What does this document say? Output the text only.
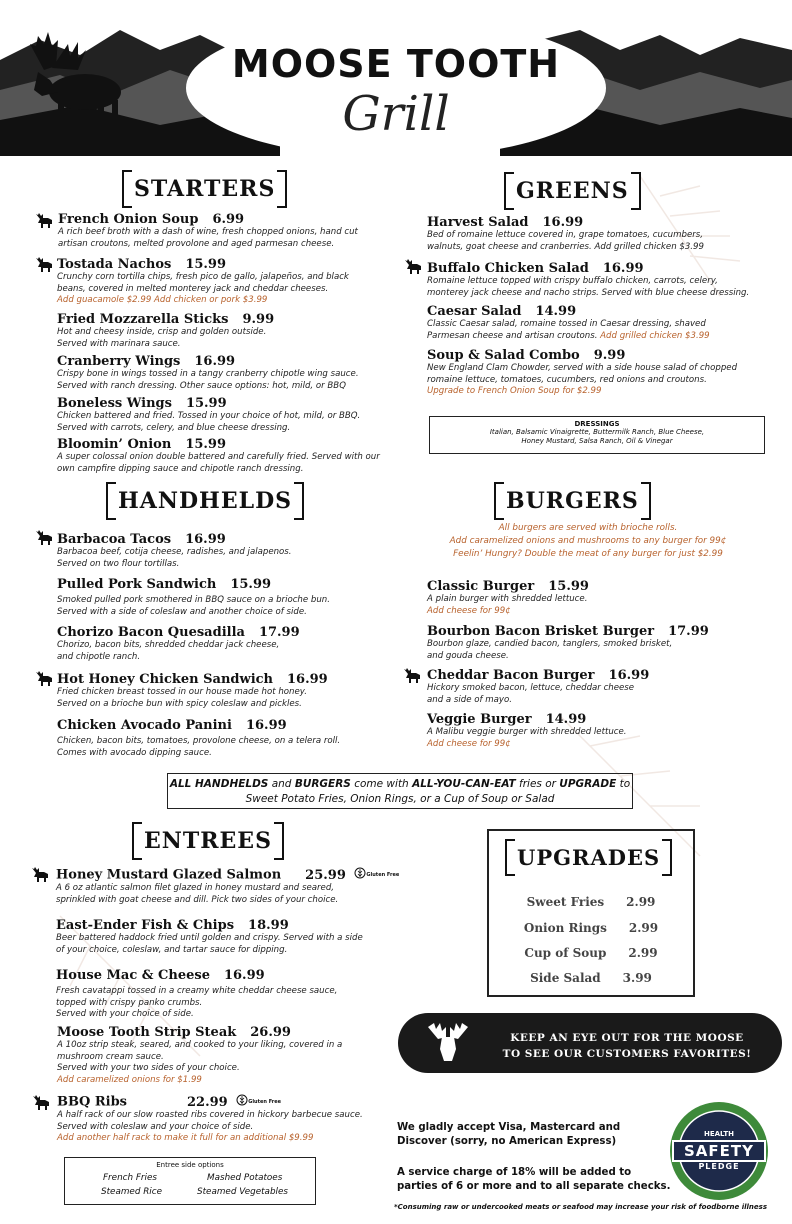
MOOSE TOOTH
Grill
STARTERS
French Onion Soup 6.99
A rich beef broth with a dash of wine, fresh chopped onions, hand cut
artisan croutons, melted provolone and aged parmesan cheese.
Tostada Nachos 15.99
Crunchy corn tortilla chips, fresh pico de gallo, jalapeños, and black
beans, covered in melted monterey jack and cheddar cheeses.
Add guacamole $2.99 Add chicken or pork $3.99
Fried Mozzarella Sticks 9.99
Hot and cheesy inside, crisp and golden outside.
Served with marinara sauce.
Cranberry Wings 16.99
Crispy bone in wings tossed in a tangy cranberry chipotle wing sauce.
Served with ranch dressing. Other sauce options: hot, mild, or BBQ
Boneless Wings 15.99
Chicken battered and fried. Tossed in your choice of hot, mild, or BBQ.
Served with carrots, celery, and blue cheese dressing.
Bloomin’ Onion 15.99
A super colossal onion double battered and carefully fried. Served with our
own campfire dipping sauce and chipotle ranch dressing.
GREENS
Harvest Salad 16.99
Bed of romaine lettuce covered in, grape tomatoes, cucumbers,
walnuts, goat cheese and cranberries. Add grilled chicken $3.99
Buffalo Chicken Salad 16.99
Romaine lettuce topped with crispy buffalo chicken, carrots, celery,
monterey jack cheese and nacho strips. Served with blue cheese dressing.
Caesar Salad 14.99
Classic Caesar salad, romaine tossed in Caesar dressing, shaved
Parmesan cheese and artisan croutons. Add grilled chicken $3.99
Soup & Salad Combo 9.99
New England Clam Chowder, served with a side house salad of chopped
romaine lettuce, tomatoes, cucumbers, red onions and croutons.
Upgrade to French Onion Soup for $2.99
DRESSINGS
Italian, Balsamic Vinaigrette, Buttermilk Ranch, Blue Cheese,
Honey Mustard, Salsa Ranch, Oil & Vinegar
HANDHELDS
Barbacoa Tacos 16.99
Barbacoa beef, cotija cheese, radishes, and jalapenos.
Served on two flour tortillas.
Pulled Pork Sandwich 15.99
Smoked pulled pork smothered in BBQ sauce on a brioche bun.
Served with a side of coleslaw and another choice of side.
Chorizo Bacon Quesadilla 17.99
Chorizo, bacon bits, shredded cheddar jack cheese,
and chipotle ranch.
Hot Honey Chicken Sandwich 16.99
Fried chicken breast tossed in our house made hot honey.
Served on a brioche bun with spicy coleslaw and pickles.
Chicken Avocado Panini 16.99
Chicken, bacon bits, tomatoes, provolone cheese, on a telera roll.
Comes with avocado dipping sauce.
BURGERS
All burgers are served with brioche rolls.
Add caramelized onions and mushrooms to any burger for 99¢
Feelin’ Hungry? Double the meat of any burger for just $2.99
Classic Burger 15.99
A plain burger with shredded lettuce.
Add cheese for 99¢
Bourbon Bacon Brisket Burger 17.99
Bourbon glaze, candied bacon, tanglers, smoked brisket,
and gouda cheese.
Cheddar Bacon Burger 16.99
Hickory smoked bacon, lettuce, cheddar cheese
and a side of mayo.
Veggie Burger 14.99
A Malibu veggie burger with shredded lettuce.
Add cheese for 99¢
ALL HANDHELDS and BURGERS come with ALL-YOU-CAN-EAT fries or UPGRADE to
Sweet Potato Fries, Onion Rings, or a Cup of Soup or Salad
ENTREES
Honey Mustard Glazed Salmon 25.99	Gluten Free
A 6 oz atlantic salmon filet glazed in honey mustard and seared,
sprinkled with goat cheese and dill. Pick two sides of your choice.
East-Ender Fish & Chips 18.99
Beer battered haddock fried until golden and crispy. Served with a side
of your choice, coleslaw, and tartar sauce for dipping.
House Mac & Cheese 16.99
Fresh cavatappi tossed in a creamy white cheddar cheese sauce,
topped with crispy panko crumbs.
Served with your choice of side.
Moose Tooth Strip Steak 26.99
A 10oz strip steak, seared, and cooked to your liking, covered in a
mushroom cream sauce.
Served with your two sides of your choice.
Add caramelized onions for $1.99
BBQ Ribs	22.99	Gluten Free
A half rack of our slow roasted ribs covered in hickory barbecue sauce.
Served with coleslaw and your choice of side.
Add another half rack to make it full for an additional $9.99
Entree side options
French Fries	Mashed Potatoes
Steamed Rice	Steamed Vegetables
UPGRADES
Sweet Fries 2.99
Onion Rings 2.99
Cup of Soup 2.99
Side Salad 3.99
KEEP AN EYE OUT FOR THE MOOSE
TO SEE OUR CUSTOMERS FAVORITES!
We gladly accept Visa, Mastercard and
Discover (sorry, no American Express)
A service charge of 18% will be added to
parties of 6 or more and to all separate checks.
*Consuming raw or undercooked meats or seafood may increase your risk of foodborne illness
HEALTH
SAFETY
PLEDGE
